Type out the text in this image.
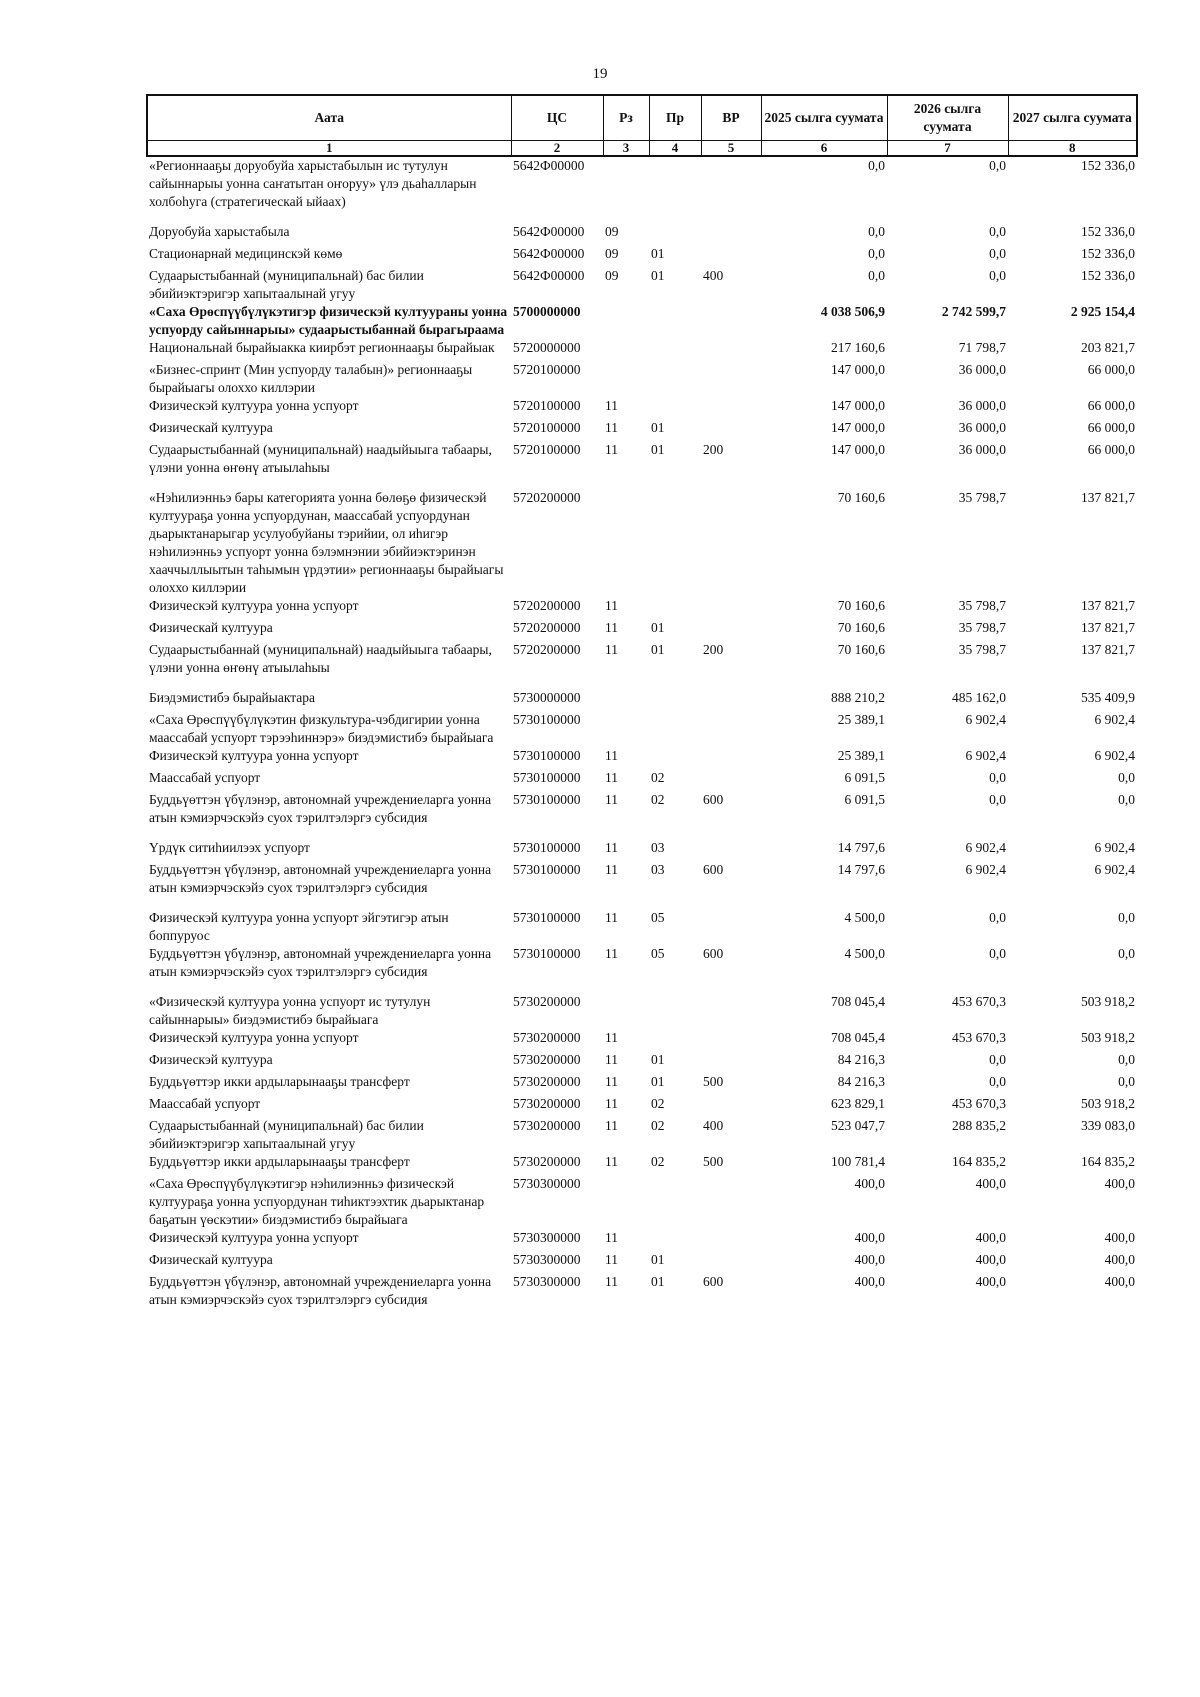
19
Аата	ЦС	Рз	Пр	ВР	2025 сылга суумата	2026 сылга суумата	2027 сылга суумата
1	2	3	4	5	6	7	8
«Регионнааҕы доруобуйа харыстабылын ис тутулун сайыннарыы уонна саҥатытан оҥоруу» үлэ дьаһалларын холбоһуга (стратегическай ыйаах)	5642Ф00000				0,0	0,0	152 336,0

Доруобуйа харыстабыла	5642Ф00000	09			0,0	0,0	152 336,0
Стационарнай медицинскэй көмө	5642Ф00000	09	01		0,0	0,0	152 336,0
Судаарыстыбаннай (муниципальнай) бас билии эбийиэктэригэр хапытаалынай угуу	5642Ф00000	09	01	400	0,0	0,0	152 336,0
«Саха Өрөспүүбүлүкэтигэр физическэй култуураны уонна успуорду сайыннарыы» судаарыстыбаннай бырагыраама	5700000000				4 038 506,9	2 742 599,7	2 925 154,4
Национальнай бырайыакка киирбэт регионнааҕы бырайыак	5720000000				217 160,6	71 798,7	203 821,7
«Бизнес-спринт (Мин успуорду талабын)» регионнааҕы бырайыагы олоххо киллэрии	5720100000				147 000,0	36 000,0	66 000,0
Физическэй култуура уонна успуорт	5720100000	11			147 000,0	36 000,0	66 000,0
Физическай култуура	5720100000	11	01		147 000,0	36 000,0	66 000,0
Судаарыстыбаннай (муниципальнай) наадыйыыга табаары, үлэни уонна өҥөнү атыылаһыы	5720100000	11	01	200	147 000,0	36 000,0	66 000,0

«Нэһилиэнньэ бары категорията уонна бөлөҕө физическэй култуураҕа уонна успуордунан, маассабай успуордунан дьарыктанарыгар усулуобуйаны тэрийии, ол иһигэр нэһилиэнньэ успуорт уонна бэлэмнэнии эбийиэктэринэн хааччыллыытын таһымын үрдэтии» регионнааҕы бырайыагы олоххо киллэрии	5720200000				70 160,6	35 798,7	137 821,7
Физическэй култуура уонна успуорт	5720200000	11			70 160,6	35 798,7	137 821,7
Физическай култуура	5720200000	11	01		70 160,6	35 798,7	137 821,7
Судаарыстыбаннай (муниципальнай) наадыйыыга табаары, үлэни уонна өҥөнү атыылаһыы	5720200000	11	01	200	70 160,6	35 798,7	137 821,7

Биэдэмистибэ бырайыактара	5730000000				888 210,2	485 162,0	535 409,9
«Саха Өрөспүүбүлүкэтин физкультура-чэбдигирии уонна маассабай успуорт тэрээһиннэрэ» биэдэмистибэ бырайыага	5730100000				25 389,1	6 902,4	6 902,4
Физическэй култуура уонна успуорт	5730100000	11			25 389,1	6 902,4	6 902,4
Маассабай успуорт	5730100000	11	02		6 091,5	0,0	0,0
Буддьүөттэн үбүлэнэр, автономнай учреждениеларга уонна атын кэмиэрчэскэйэ суох тэрилтэлэргэ субсидия	5730100000	11	02	600	6 091,5	0,0	0,0

Үрдүк ситиһиилээх успуорт	5730100000	11	03		14 797,6	6 902,4	6 902,4
Буддьүөттэн үбүлэнэр, автономнай учреждениеларга уонна атын кэмиэрчэскэйэ суох тэрилтэлэргэ субсидия	5730100000	11	03	600	14 797,6	6 902,4	6 902,4

Физическэй култуура уонна успуорт эйгэтигэр атын боппуруос	5730100000	11	05		4 500,0	0,0	0,0
Буддьүөттэн үбүлэнэр, автономнай учреждениеларга уонна атын кэмиэрчэскэйэ суох тэрилтэлэргэ субсидия	5730100000	11	05	600	4 500,0	0,0	0,0

«Физическэй култуура уонна успуорт ис тутулун сайыннарыы» биэдэмистибэ бырайыага	5730200000				708 045,4	453 670,3	503 918,2
Физическэй култуура уонна успуорт	5730200000	11			708 045,4	453 670,3	503 918,2
Физическэй култуура	5730200000	11	01		84 216,3	0,0	0,0
Буддьүөттэр икки ардыларынааҕы трансферт	5730200000	11	01	500	84 216,3	0,0	0,0
Маассабай успуорт	5730200000	11	02		623 829,1	453 670,3	503 918,2
Судаарыстыбаннай (муниципальнай) бас билии эбийиэктэригэр хапытаалынай угуу	5730200000	11	02	400	523 047,7	288 835,2	339 083,0
Буддьүөттэр икки ардыларынааҕы трансферт	5730200000	11	02	500	100 781,4	164 835,2	164 835,2
«Саха Өрөспүүбүлүкэтигэр нэһилиэнньэ физическэй култуураҕа уонна успуордунан тиһиктээхтик дьарыктанар баҕатын үөскэтии» биэдэмистибэ бырайыага	5730300000				400,0	400,0	400,0
Физическэй култуура уонна успуорт	5730300000	11			400,0	400,0	400,0
Физическай култуура	5730300000	11	01		400,0	400,0	400,0
Буддьүөттэн үбүлэнэр, автономнай учреждениеларга уонна атын кэмиэрчэскэйэ суох тэрилтэлэргэ субсидия	5730300000	11	01	600	400,0	400,0	400,0
